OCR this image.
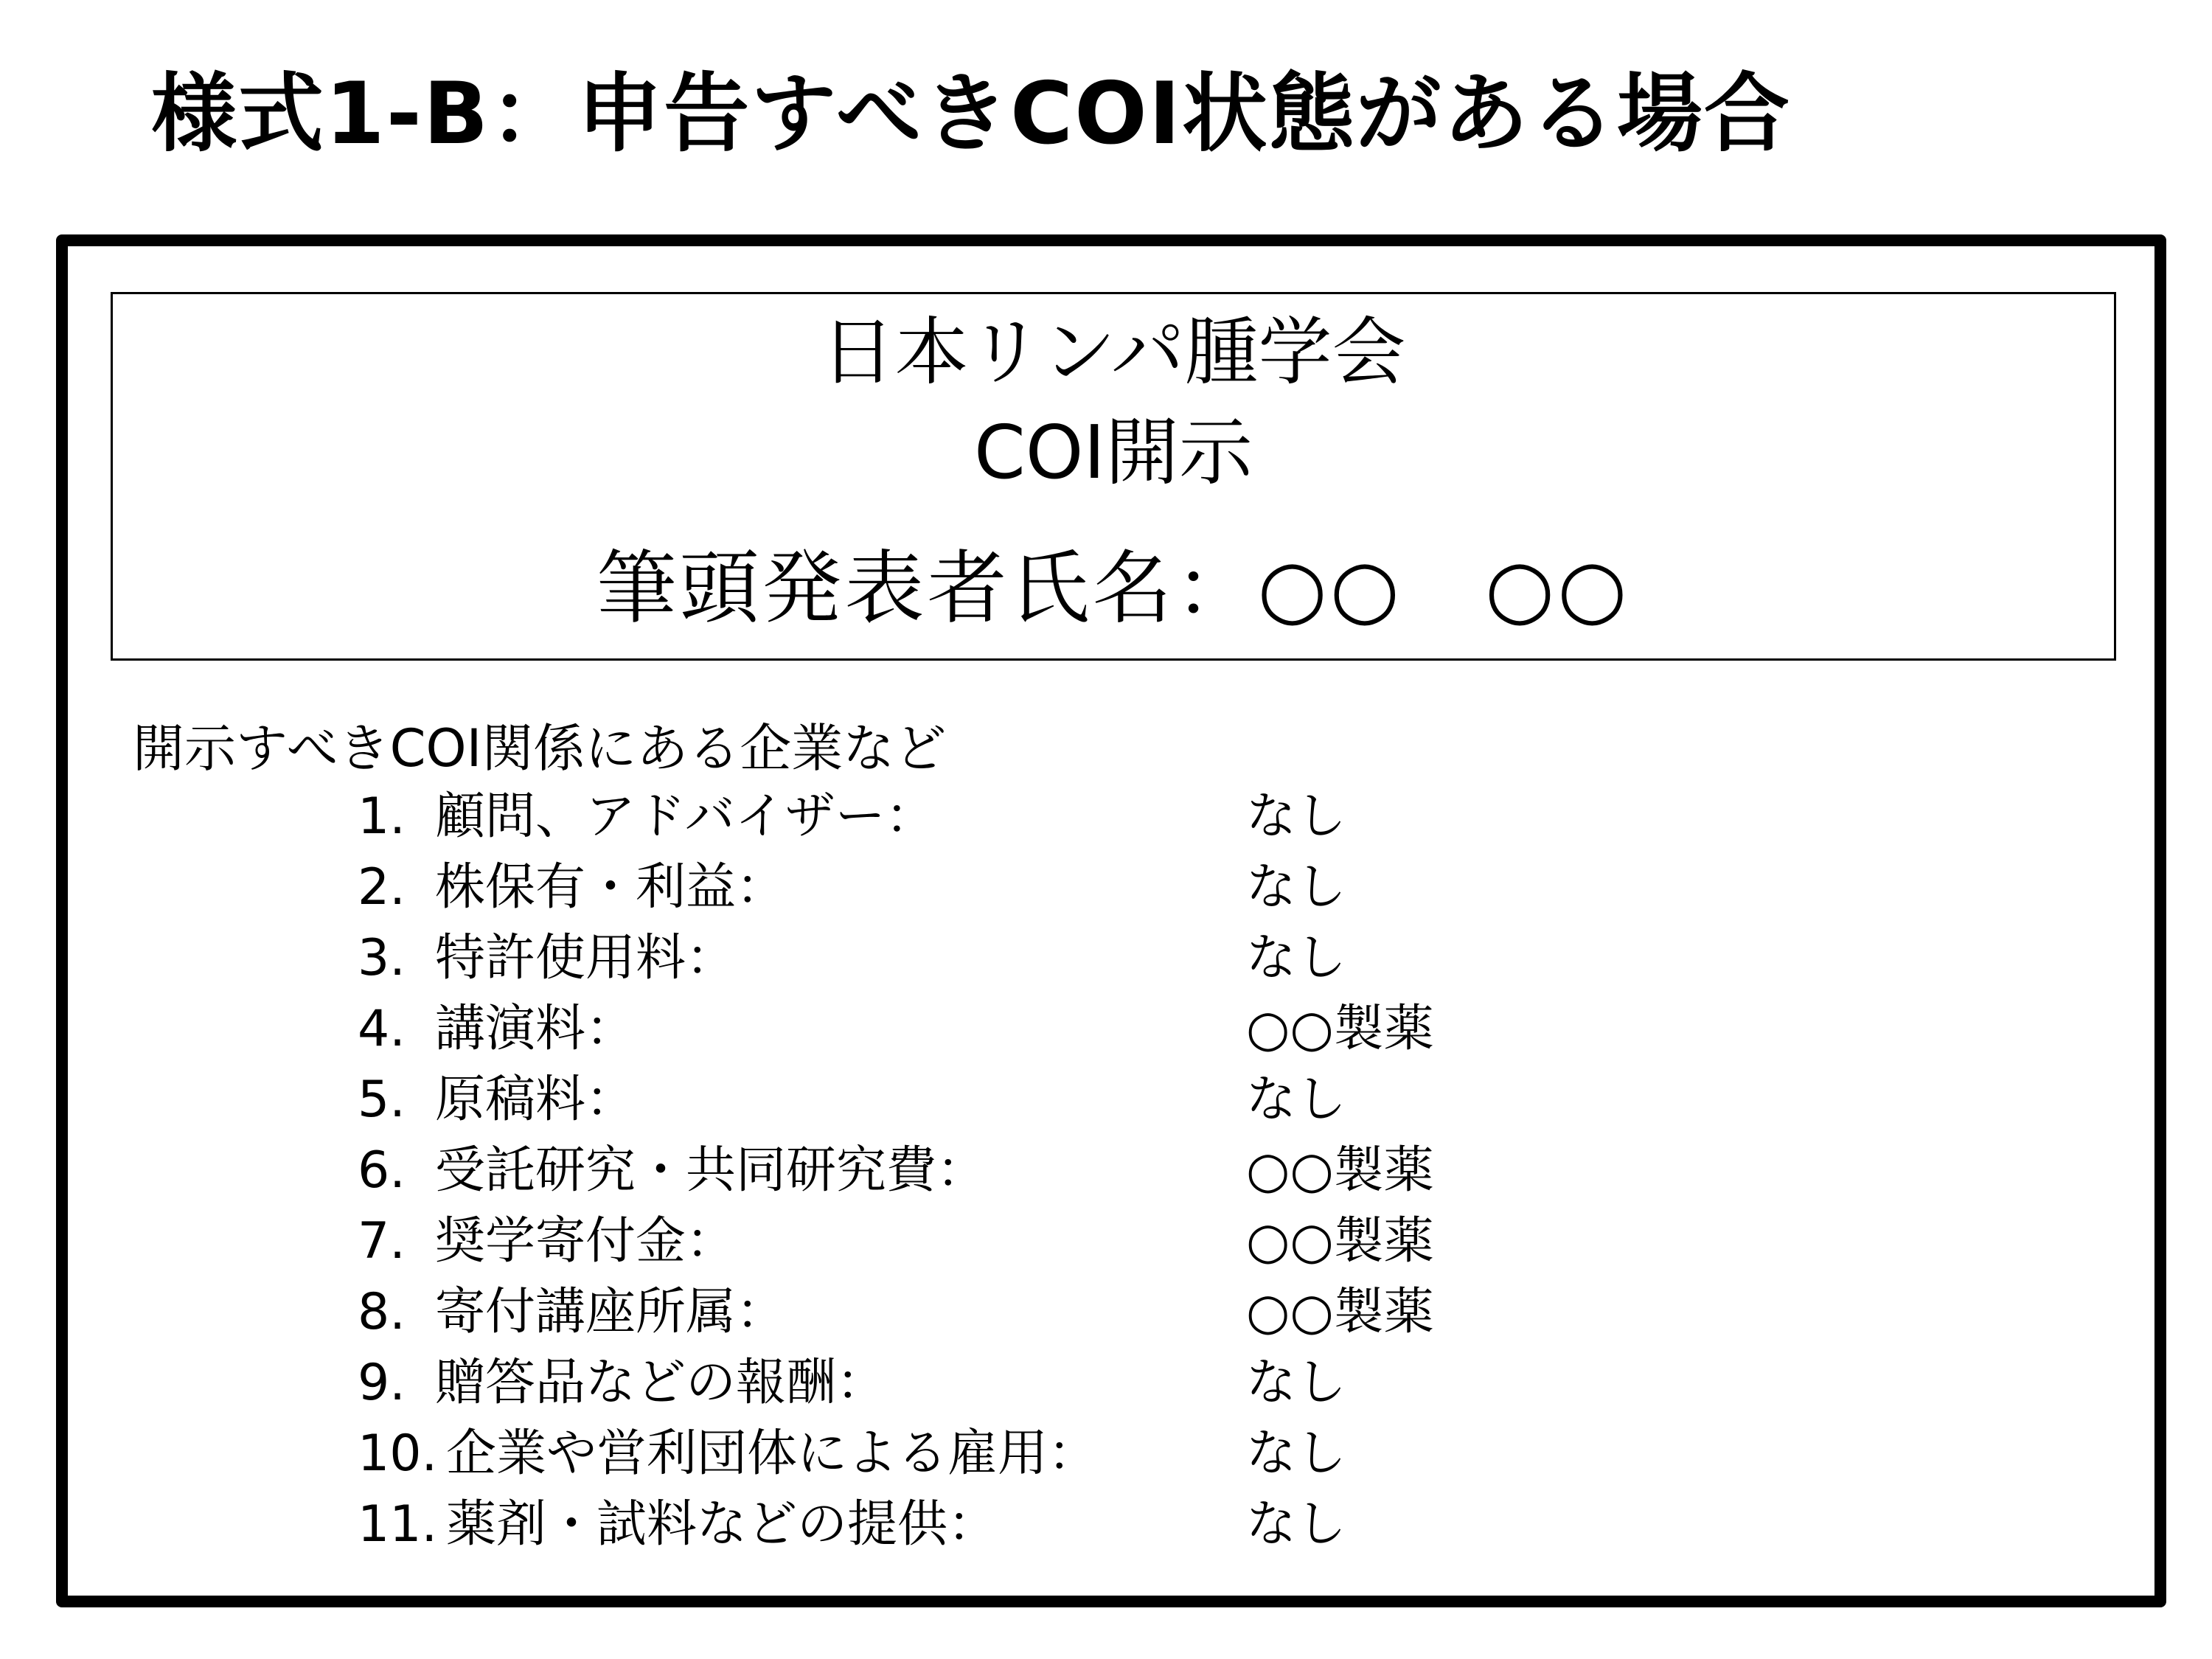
様式1-B：申告すべきCOI状態がある場合
日本リンパ腫学会
COI開示
筆頭発表者氏名：○○　○○
開示すべきCOI関係にある企業など
1. 顧問、アドバイザー：	なし
2. 株保有・利益：	なし
3. 特許使用料：	なし
4. 講演料：	○○製薬
5. 原稿料：	なし
6. 受託研究・共同研究費：	○○製薬
7. 奨学寄付金：	○○製薬
8. 寄付講座所属：	○○製薬
9. 贈答品などの報酬：	なし
10. 企業や営利団体による雇用：	なし
11. 薬剤・試料などの提供：	なし
